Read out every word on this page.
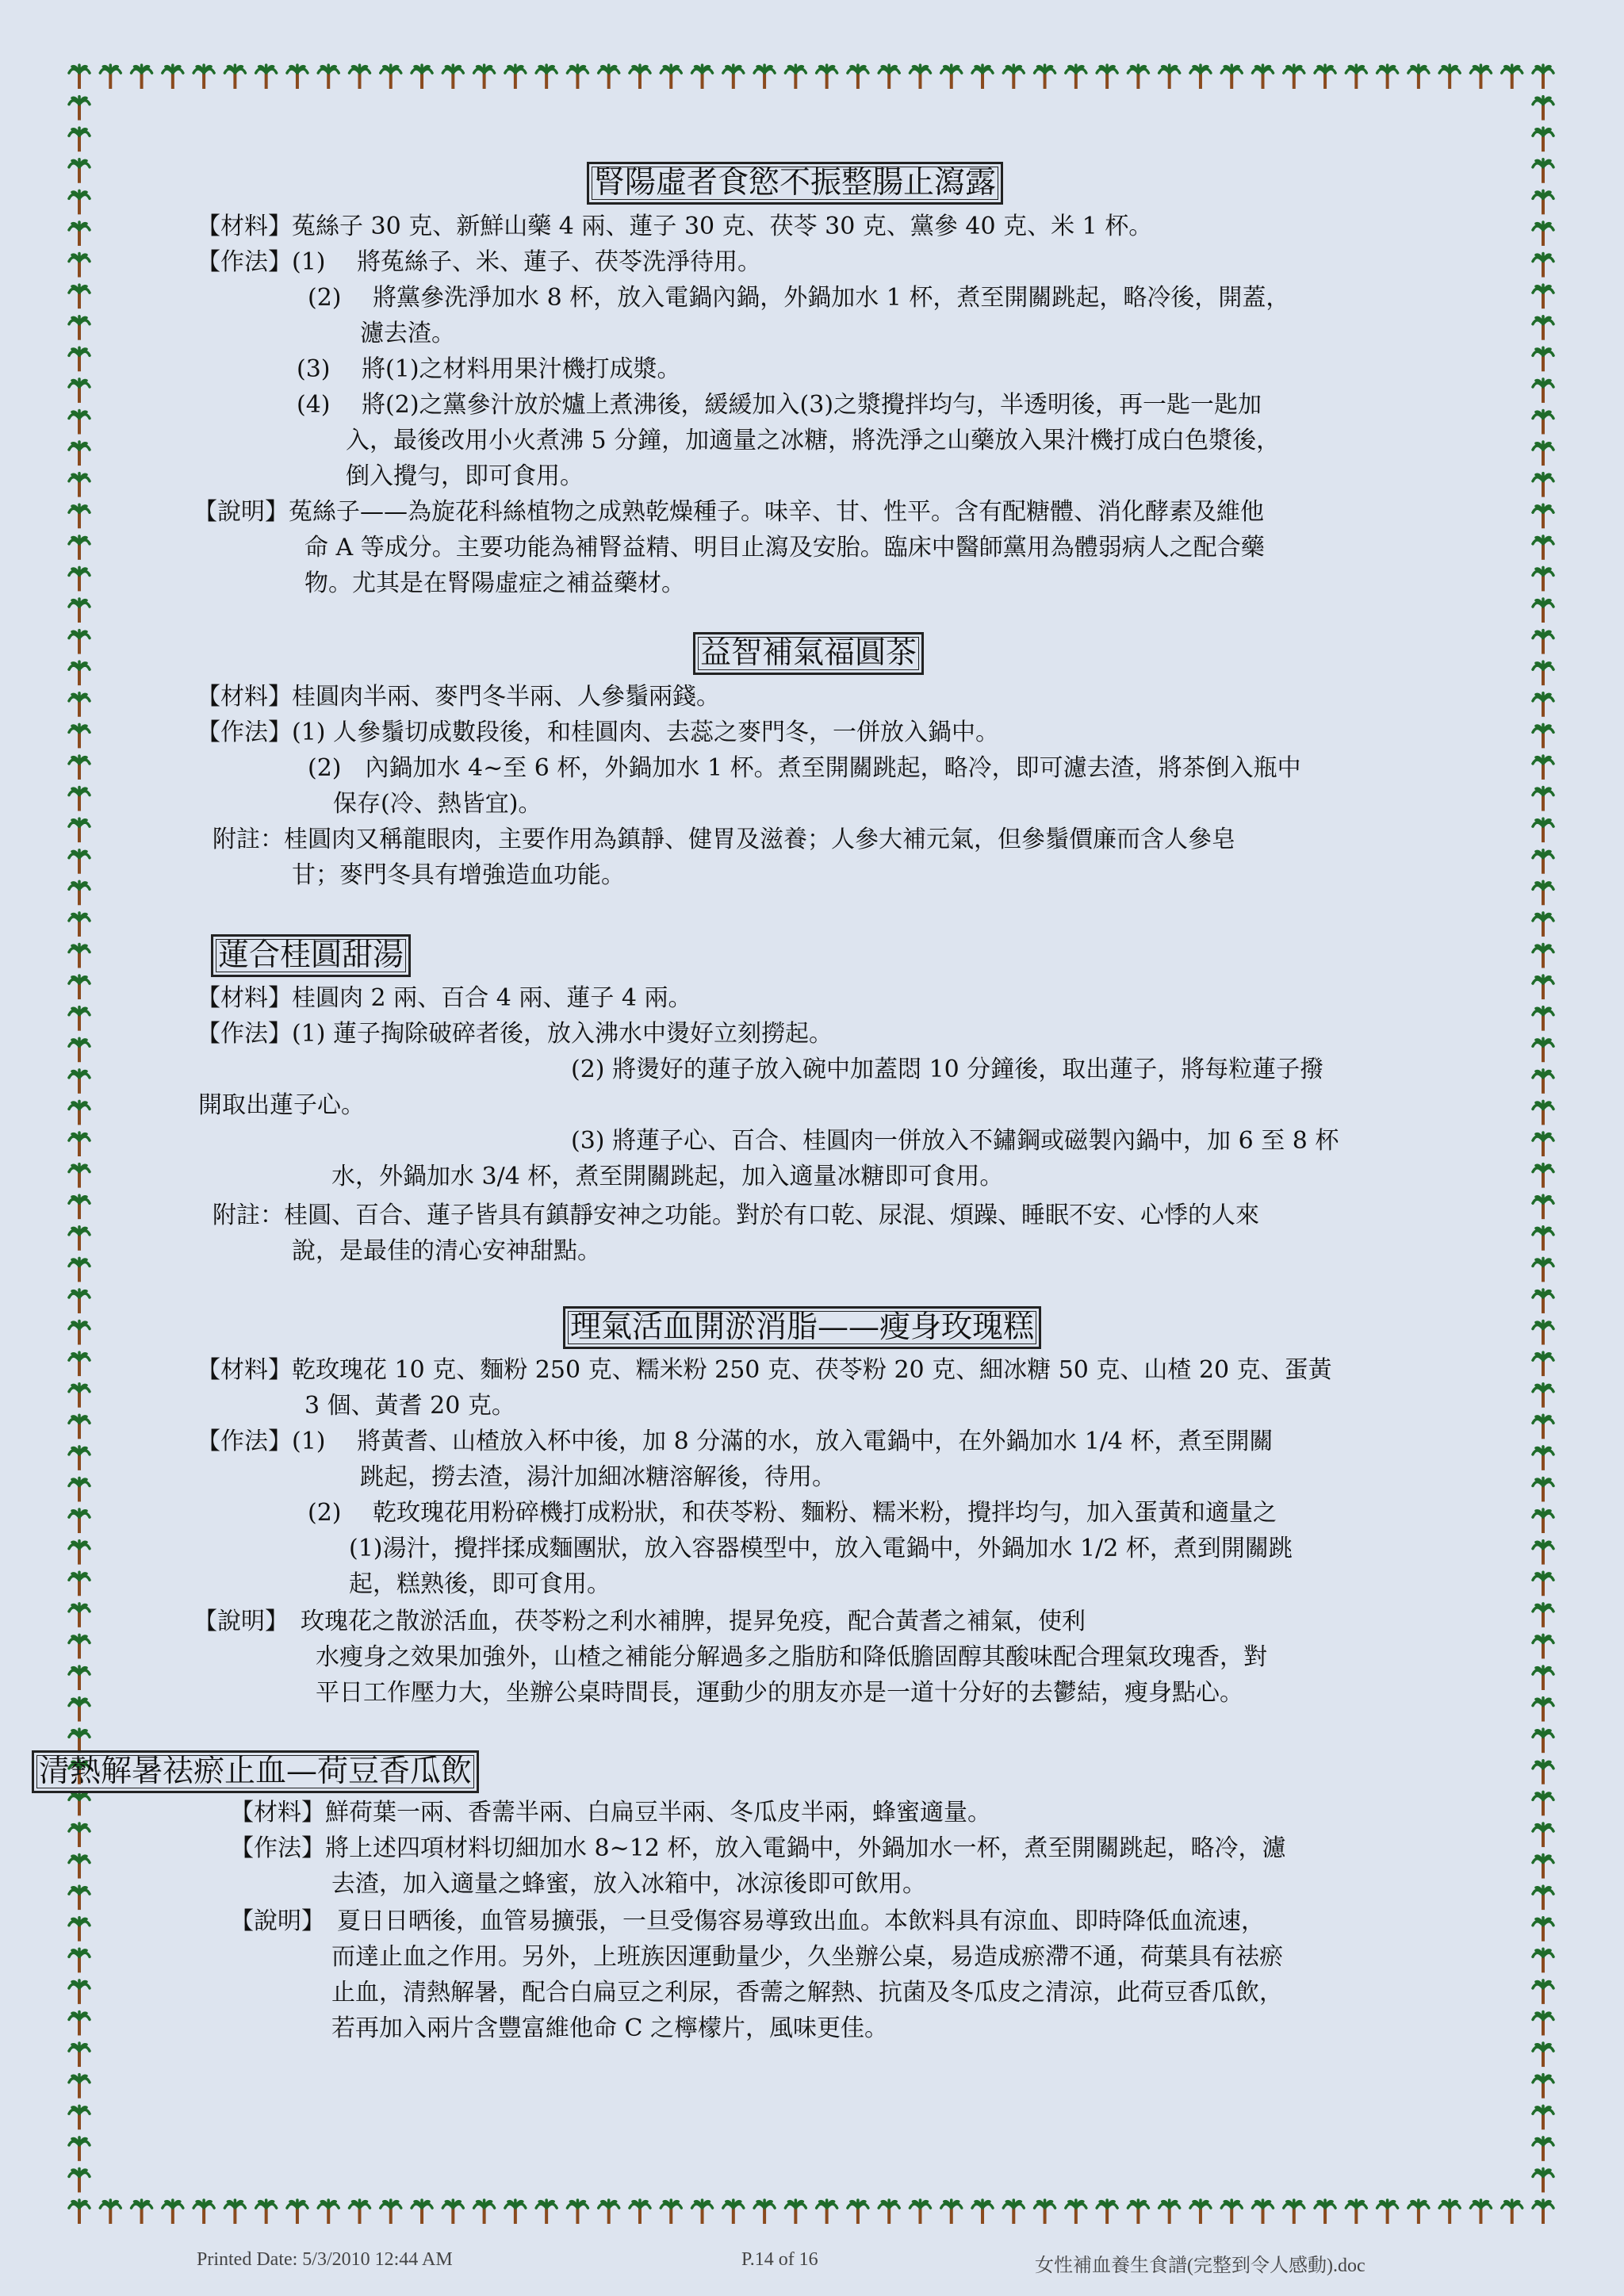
腎陽虛者食慾不振整腸止瀉露
【材料】菟絲子 30 克、新鮮山藥 4 兩、蓮子 30 克、茯苓 30 克、黨參 40 克、米 1 杯。
【作法】(1)　 將菟絲子、米、蓮子、茯苓洗淨待用。
(2)　 將黨參洗淨加水 8 杯，放入電鍋內鍋，外鍋加水 1 杯，煮至開關跳起，略冷後，開蓋，
濾去渣。
(3)　 將(1)之材料用果汁機打成漿。
(4)　 將(2)之黨參汁放於爐上煮沸後，緩緩加入(3)之漿攪拌均勻，半透明後，再一匙一匙加
入，最後改用小火煮沸 5 分鐘，加適量之冰糖，將洗淨之山藥放入果汁機打成白色漿後，
倒入攪勻，即可食用。
【說明】菟絲子——為旋花科絲植物之成熟乾燥種子。味辛、甘、性平。含有配糖體、消化酵素及維他
命 A 等成分。主要功能為補腎益精、明目止瀉及安胎。臨床中醫師黨用為體弱病人之配合藥
物。尤其是在腎陽虛症之補益藥材。
益智補氣福圓茶
【材料】桂圓肉半兩、麥門冬半兩、人參鬚兩錢。
【作法】(1) 人參鬚切成數段後，和桂圓肉、去蕊之麥門冬，一併放入鍋中。
(2)　內鍋加水 4~至 6 杯，外鍋加水 1 杯。煮至開關跳起，略冷，即可濾去渣，將茶倒入瓶中
保存(冷、熱皆宜)。
附註：桂圓肉又稱龍眼肉，主要作用為鎮靜、健胃及滋養；人參大補元氣，但參鬚價廉而含人參皂
甘；麥門冬具有增強造血功能。
蓮合桂圓甜湯
【材料】桂圓肉 2 兩、百合 4 兩、蓮子 4 兩。
【作法】(1) 蓮子掏除破碎者後，放入沸水中燙好立刻撈起。
(2) 將燙好的蓮子放入碗中加蓋悶 10 分鐘後，取出蓮子，將每粒蓮子撥
開取出蓮子心。
(3) 將蓮子心、百合、桂圓肉一併放入不鏽鋼或磁製內鍋中，加 6 至 8 杯
水，外鍋加水 3/4 杯，煮至開關跳起，加入適量冰糖即可食用。
附註：桂圓、百合、蓮子皆具有鎮靜安神之功能。對於有口乾、尿混、煩躁、睡眠不安、心悸的人來
說，是最佳的清心安神甜點。
理氣活血開淤消脂——瘦身玫瑰糕
【材料】乾玫瑰花 10 克、麵粉 250 克、糯米粉 250 克、茯苓粉 20 克、細冰糖 50 克、山楂 20 克、蛋黃
3 個、黃耆 20 克。
【作法】(1)　 將黃耆、山楂放入杯中後，加 8 分滿的水，放入電鍋中，在外鍋加水 1/4 杯，煮至開關
跳起，撈去渣，湯汁加細冰糖溶解後，待用。
(2)　 乾玫瑰花用粉碎機打成粉狀，和茯苓粉、麵粉、糯米粉，攪拌均勻，加入蛋黃和適量之
(1)湯汁，攪拌揉成麵團狀，放入容器模型中，放入電鍋中，外鍋加水 1/2 杯，煮到開關跳
起，糕熟後，即可食用。
【說明】　玫瑰花之散淤活血，茯苓粉之利水補脾，提昇免疫，配合黃耆之補氣，使利
水瘦身之效果加強外，山楂之補能分解過多之脂肪和降低膽固醇其酸味配合理氣玫瑰香，對
平日工作壓力大，坐辦公桌時間長，運動少的朋友亦是一道十分好的去鬱結，瘦身點心。
清熱解暑祛瘀止血—荷豆香瓜飲
【材料】鮮荷葉一兩、香薷半兩、白扁豆半兩、冬瓜皮半兩，蜂蜜適量。
【作法】將上述四項材料切細加水 8~12 杯，放入電鍋中，外鍋加水一杯，煮至開關跳起，略冷，濾
去渣，加入適量之蜂蜜，放入冰箱中，冰涼後即可飲用。
【說明】　夏日日晒後，血管易擴張，一旦受傷容易導致出血。本飲料具有涼血、即時降低血流速，
而達止血之作用。另外，上班族因運動量少，久坐辦公桌，易造成瘀滯不通，荷葉具有祛瘀
止血，清熱解暑，配合白扁豆之利尿，香薷之解熱、抗菌及冬瓜皮之清涼，此荷豆香瓜飲，
若再加入兩片含豐富維他命 C 之檸檬片，風味更佳。
Printed Date: 5/3/2010 12:44 AM	P.14 of 16	女性補血養生食譜(完整到令人感動).doc
